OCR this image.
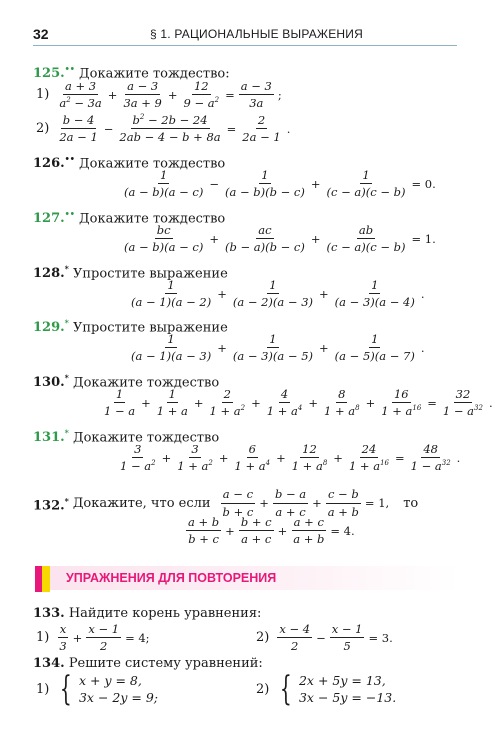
32	§ 1. РАЦИОНАЛЬНЫЕ ВЫРАЖЕНИЯ
125.•• Докажите тождество:
1)
a + 3
$a^2 - 3a$
+ $\frac{a - 3}{3a + 9} + \frac{12}{9 - a^2} = \frac{a - 3}{3a}$ ;
2)
b − 4
2a − 1
− $\frac{b^2 - 2b - 24}{2ab - 4 - b + 8a} = \frac{2}{2a - 1}$ .
126.•• Докажите тождество
1
(a − b)(a − c)
− $\frac{1}{(a - b)(b - c)} + \frac{1}{(c - a)(c - b)} = 0$.
127.•• Докажите тождество
bc
(a − b)(a − c)
+ $\frac{ac}{(b - a)(b - c)} + \frac{ab}{(c - a)(c - b)} = 1$.
128.* Упростите выражение
1
(a − 1)(a − 2)
+ $\frac{1}{(a - 2)(a - 3)} + \frac{1}{(a - 3)(a - 4)}$ .
129.* Упростите выражение
1
(a − 1)(a − 3)
+ $\frac{1}{(a - 3)(a - 5)} + \frac{1}{(a - 5)(a - 7)}$ .
130.* Докажите тождество
1
1 − a
+ $\frac{1}{1 + a} + \frac{2}{1 + a^2} + \frac{4}{1 + a^4} + \frac{8}{1 + a^8} + \frac{16}{1 + a^{16}} = \frac{32}{1 - a^{32}}$ .
131.* Докажите тождество
3
$1 - a^2 + \frac{3}{1 + a^2} + \frac{6}{1 + a^4} + \frac{12}{1 + a^8} + \frac{24}{1 + a^{16}} = \frac{48}{1 - a^{32}}$ .
132.* Докажите, что если
a − c
b + c
+ $\frac{b - a}{a + c} + \frac{c - b}{a + b} = 1$, то
a + b
b + c
+ $\frac{b + c}{a + c} + \frac{a + c}{a + b} = 4$.
УПРАЖНЕНИЯ ДЛЯ ПОВТОРЕНИЯ
133. Найдите корень уравнения:
1)
x
3
+ $\frac{x - 1}{2} = 4$;	2)
x − 4
2
− $\frac{x - 1}{5} = 3$.
134. Решите систему уравнений:
1) { x + y = 8,
3x − 2y = 9;
2) { 2x + 5y = 13,
3x − 5y = −13.
